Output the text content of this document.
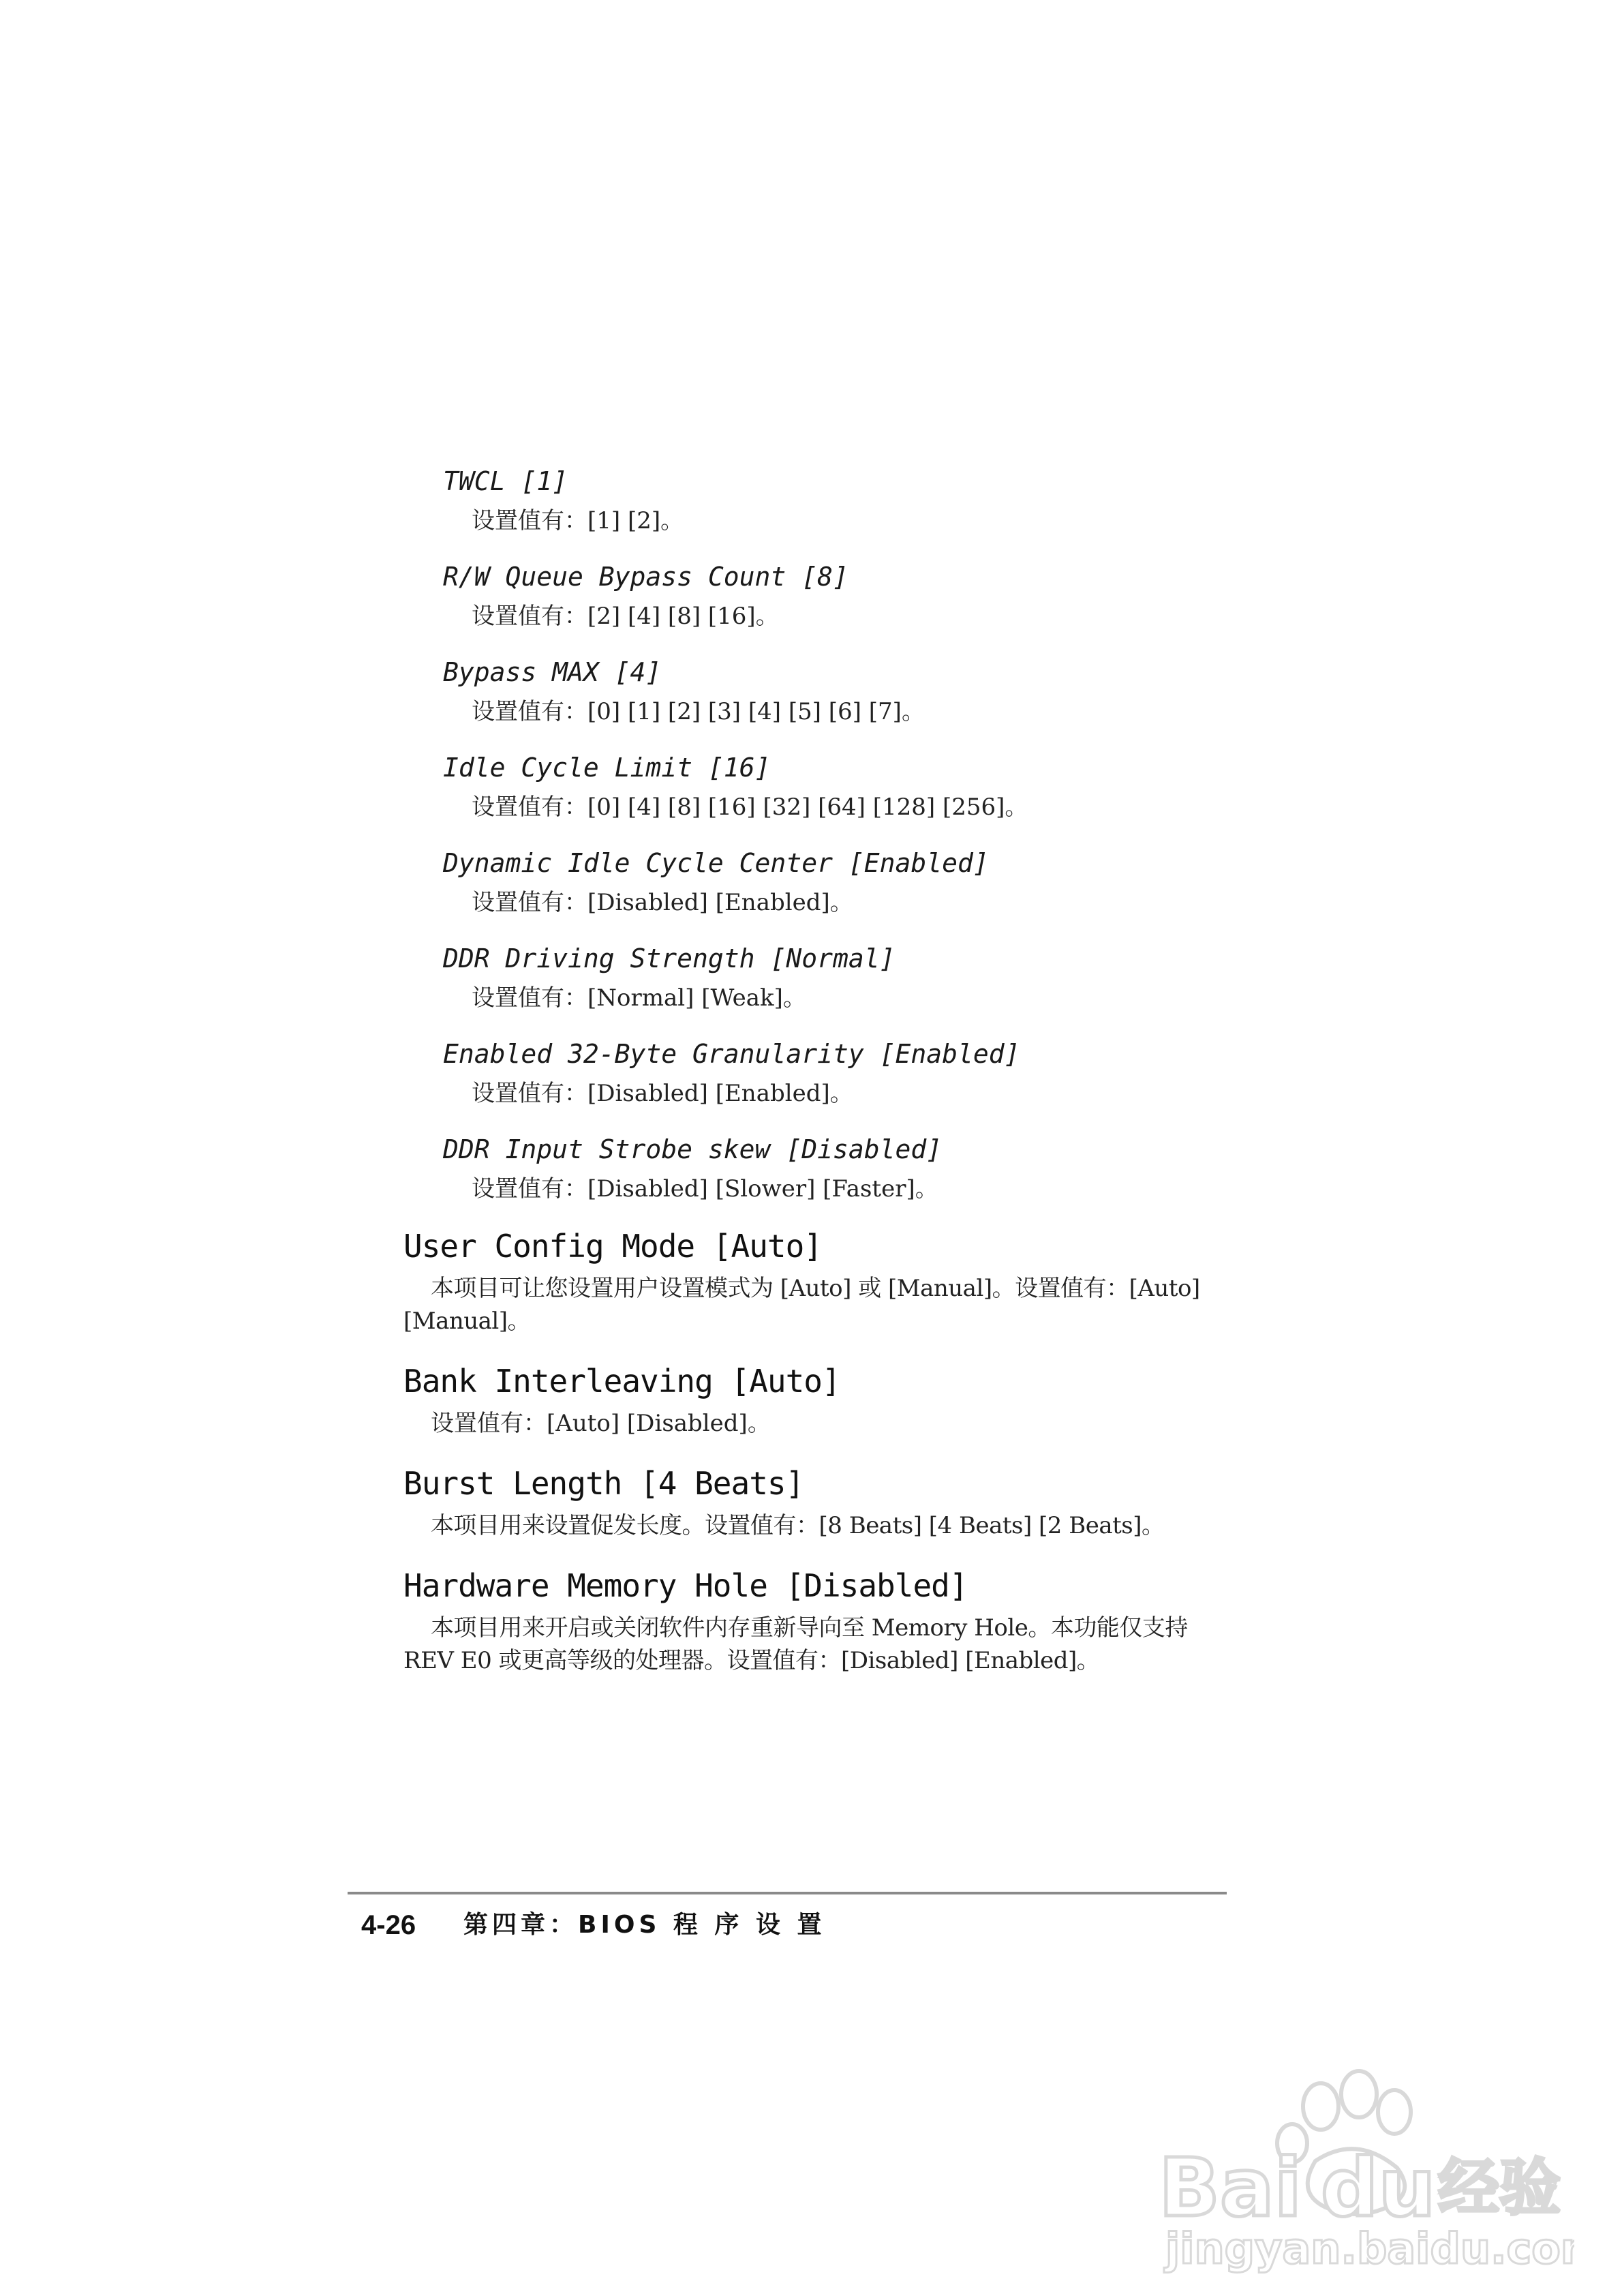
TWCL [1]
设置值有：[1] [2]。
R/W Queue Bypass Count [8]
设置值有：[2] [4] [8] [16]。
Bypass MAX [4]
设置值有：[0] [1] [2] [3] [4] [5] [6] [7]。
Idle Cycle Limit [16]
设置值有：[0] [4] [8] [16] [32] [64] [128] [256]。
Dynamic Idle Cycle Center [Enabled]
设置值有：[Disabled] [Enabled]。
DDR Driving Strength [Normal]
设置值有：[Normal] [Weak]。
Enabled 32-Byte Granularity [Enabled]
设置值有：[Disabled] [Enabled]。
DDR Input Strobe skew [Disabled]
设置值有：[Disabled] [Slower] [Faster]。
User Config Mode [Auto]
本项目可让您设置用户设置模式为 [Auto] 或 [Manual]。设置值有：[Auto] [Manual]。
Bank Interleaving [Auto]
设置值有：[Auto] [Disabled]。
Burst Length [4 Beats]
本项目用来设置促发长度。设置值有：[8 Beats] [4 Beats] [2 Beats]。
Hardware Memory Hole [Disabled]
本项目用来开启或关闭软件内存重新导向至 Memory Hole。本功能仅支持 REV E0 或更高等级的处理器。设置值有：[Disabled] [Enabled]。
4-26 第四章：BIOS 程 序 设 置
Bai du 经验
jingyan.baidu.com
